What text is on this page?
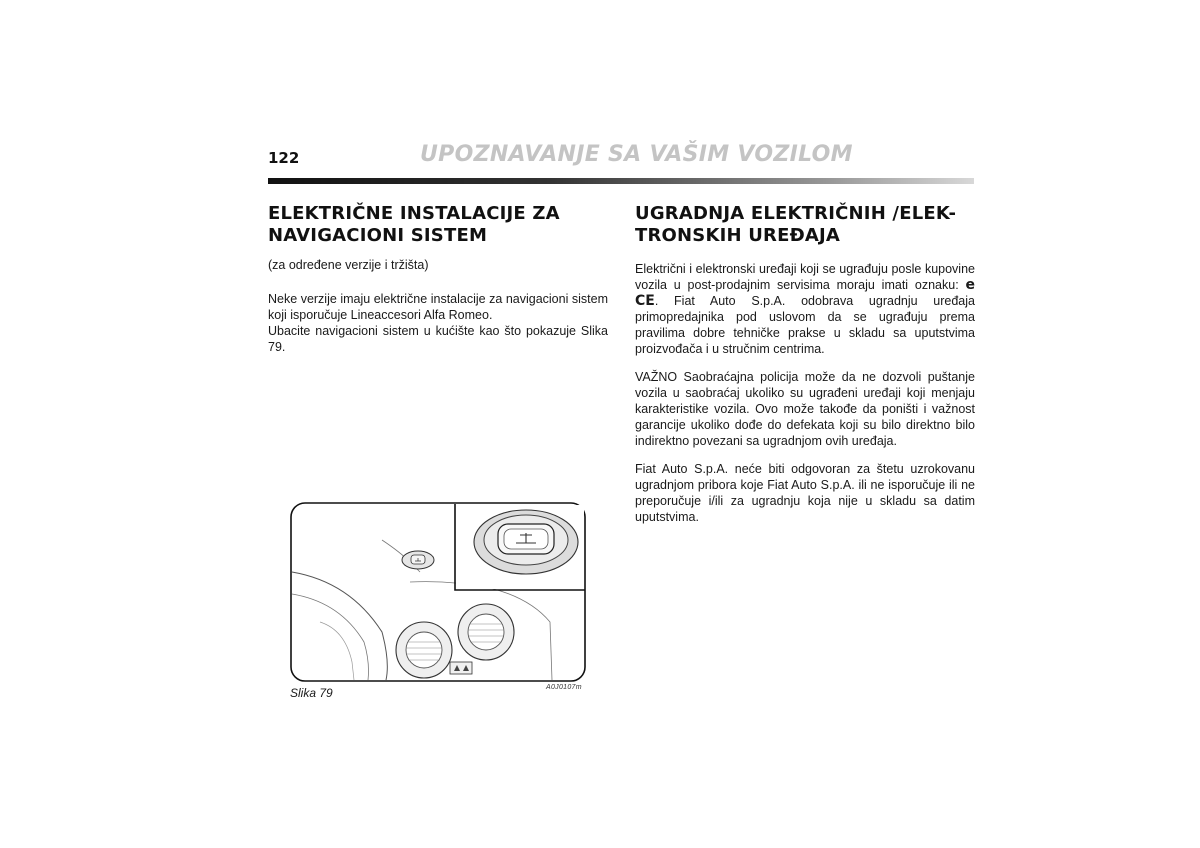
122	UPOZNAVANJE SA VAŠIM VOZILOM
ELEKTRIČNE INSTALACIJE ZA
NAVIGACIONI SISTEM
(za određene verzije i tržišta)

Neke verzije imaju električne instalacije za navigacioni sistem koji isporučuje Lineaccesori Alfa Romeo.

Ubacite navigacioni sistem u kućište kao što pokazuje Slika 79.

UGRADNJA ELEKTRIČNIH /ELEK-
TRONSKIH UREĐAJA

Električni i elektronski uređaji koji se ugrađuju posle kupovine vozila u post-prodajnim servisima moraju imati oznaku: e CE. Fiat Auto S.p.A. odobrava ugradnju uređaja primopredajnika pod uslovom da se ugrađuju prema pravilima dobre tehničke prakse u skladu sa uputstvima proizvođača i u stručnim centrima.

VAŽNO Saobraćajna policija može da ne dozvoli puštanje vozila u saobraćaj ukoliko su ugrađeni uređaji koji menjaju karakteristike vozila. Ovo može takođe da poništi i važnost garancije ukoliko dođe do defekata koji su bilo direktno bilo indirektno povezani sa ugradnjom ovih uređaja.

Fiat Auto S.p.A. neće biti odgovoran za štetu uzrokovanu ugradnjom pribora koje Fiat Auto S.p.A. ili ne isporučuje ili ne preporučuje i/ili za ugradnju koja nije u skladu sa datim uputstvima.

Slika 79	A0J0107m
